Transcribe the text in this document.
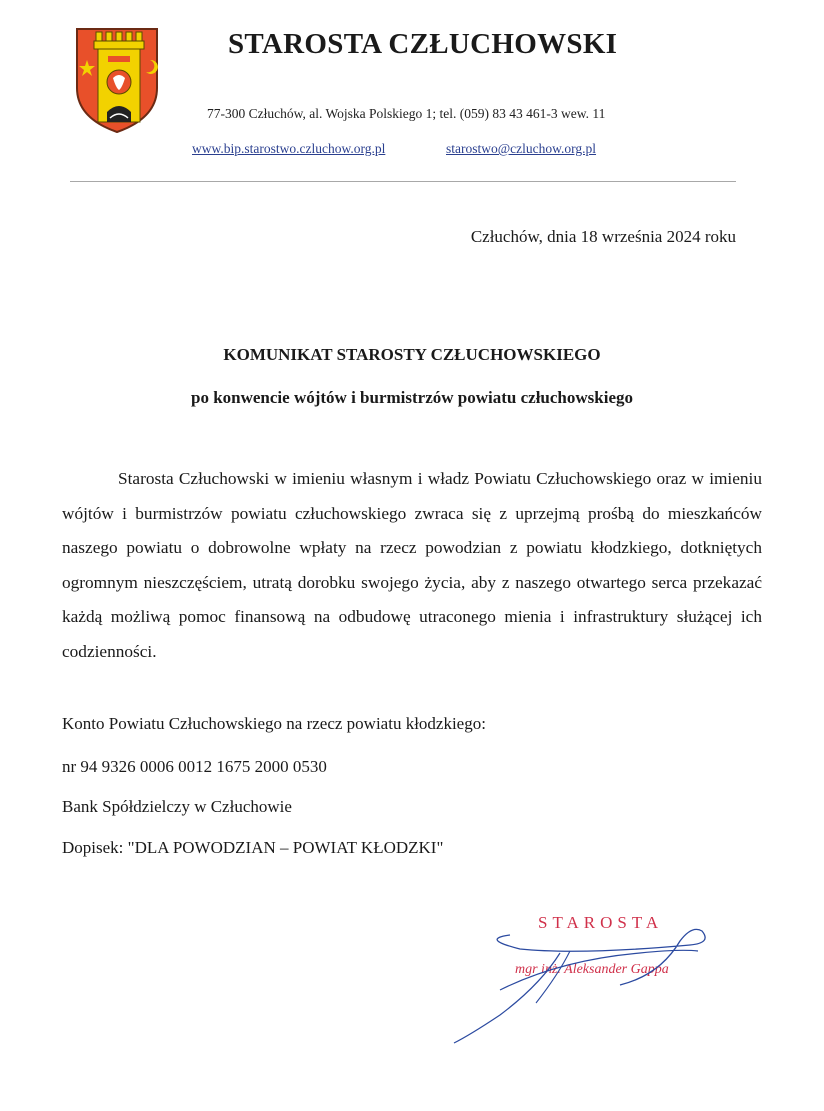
STAROSTA CZŁUCHOWSKI
77-300 Człuchów, al. Wojska Polskiego 1; tel. (059) 83 43 461-3 wew. 11
www.bip.starostwo.czluchow.org.pl	starostwo@czluchow.org.pl
Człuchów, dnia 18 września 2024 roku
KOMUNIKAT STAROSTY CZŁUCHOWSKIEGO
po konwencie wójtów i burmistrzów powiatu człuchowskiego

Starosta Człuchowski w imieniu własnym i władz Powiatu Człuchowskiego oraz w imieniu wójtów i burmistrzów powiatu człuchowskiego zwraca się z uprzejmą prośbą do mieszkańców naszego powiatu o dobrowolne wpłaty na rzecz powodzian z powiatu kłodzkiego, dotkniętych ogromnym nieszczęściem, utratą dorobku swojego życia, aby z naszego otwartego serca przekazać każdą możliwą pomoc finansową na odbudowę utraconego mienia i infrastruktury służącej ich codzienności.

Konto Powiatu Człuchowskiego na rzecz powiatu kłodzkiego:
nr 94 9326 0006 0012 1675 2000 0530
Bank Spółdzielczy w Człuchowie
Dopisek: "DLA POWODZIAN – POWIAT KŁODZKI"
STAROSTA
mgr inż. Aleksander Gappa
